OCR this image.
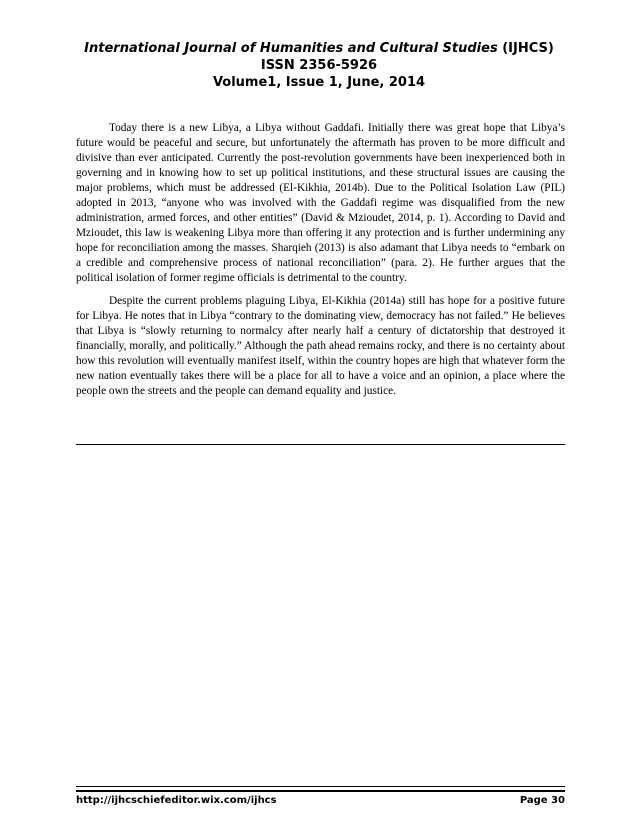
International Journal of Humanities and Cultural Studies (IJHCS)
ISSN 2356-5926
Volume1, Issue 1, June, 2014

Today there is a new Libya, a Libya without Gaddafi. Initially there was great hope that Libya’s future would be peaceful and secure, but unfortunately the aftermath has proven to be more difficult and divisive than ever anticipated. Currently the post-revolution governments have been inexperienced both in governing and in knowing how to set up political institutions, and these structural issues are causing the major problems, which must be addressed (El-Kikhia, 2014b). Due to the Political Isolation Law (PIL) adopted in 2013, “anyone who was involved with the Gaddafi regime was disqualified from the new administration, armed forces, and other entities” (David & Mzioudet, 2014, p. 1). According to David and Mzioudet, this law is weakening Libya more than offering it any protection and is further undermining any hope for reconciliation among the masses. Sharqieh (2013) is also adamant that Libya needs to “embark on a credible and comprehensive process of national reconciliation” (para. 2). He further argues that the political isolation of former regime officials is detrimental to the country.

Despite the current problems plaguing Libya, El-Kikhia (2014a) still has hope for a positive future for Libya. He notes that in Libya “contrary to the dominating view, democracy has not failed.” He believes that Libya is “slowly returning to normalcy after nearly half a century of dictatorship that destroyed it financially, morally, and politically.” Although the path ahead remains rocky, and there is no certainty about how this revolution will eventually manifest itself, within the country hopes are high that whatever form the new nation eventually takes there will be a place for all to have a voice and an opinion, a place where the people own the streets and the people can demand equality and justice.

http://ijhcschiefeditor.wix.com/ijhcs	Page 30
